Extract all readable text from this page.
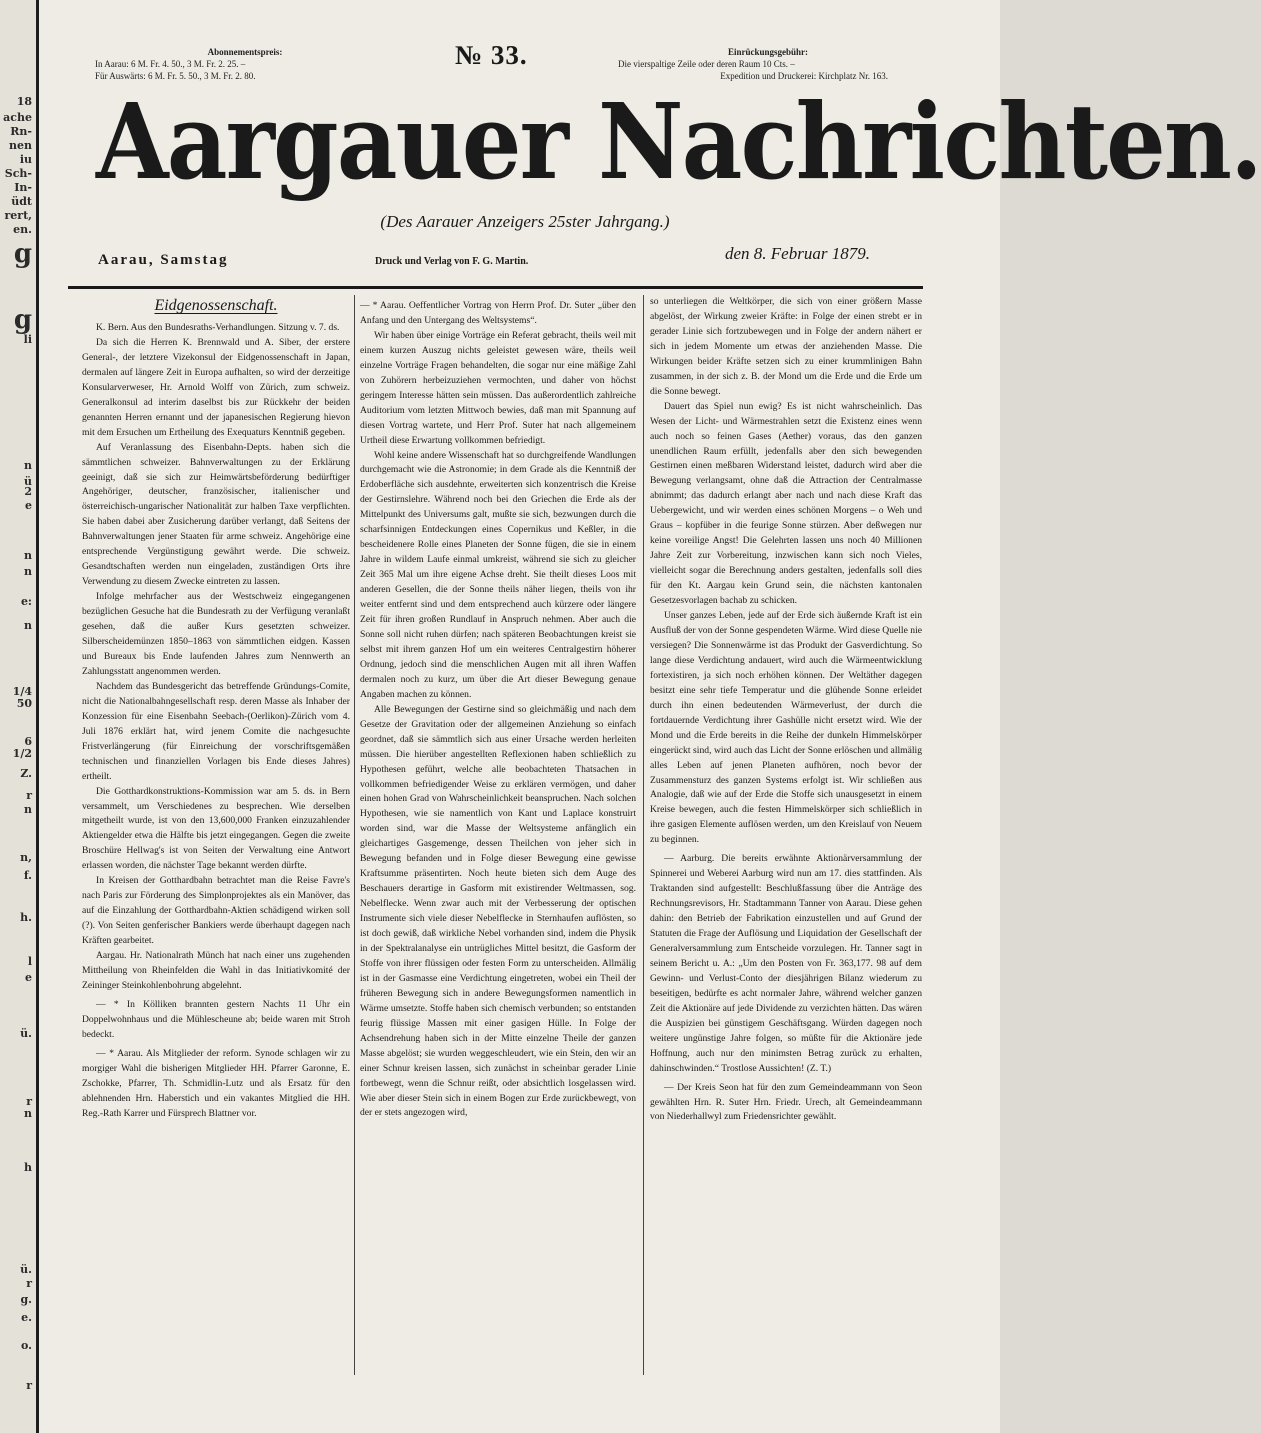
18
ache
Rn-
nen
iu
Sch-
In-
üdt
rert,
en.
g
g
li
n
ü
2
e
n
n
e:
n
1/4
50
6
1/2
Z.
r
n
n,
f.
h.
l
e
ü.
r
n
h
ü.
r
g.
e.
o.
r
Abonnementspreis:
In Aarau: 6 M. Fr. 4. 50., 3 M. Fr. 2. 25. –
Für Auswärts: 6 M. Fr. 5. 50., 3 M. Fr. 2. 80.
№ 33.	Einrückungsgebühr:
Die vierspaltige Zeile oder deren Raum 10 Cts. –
Expedition und Druckerei: Kirchplatz Nr. 163.
Aargauer Nachrichten.
(Des Aarauer Anzeigers 25ster Jahrgang.)
Aarau, Samstag	Druck und Verlag von F. G. Martin.	den 8. Februar 1879.
Eidgenossenschaft.

K. Bern. Aus den Bundesraths-Verhandlungen. Sitzung v. 7. ds.

Da sich die Herren K. Brennwald und A. Siber, der erstere General-, der letztere Vizekonsul der Eidgenossenschaft in Japan, dermalen auf längere Zeit in Europa aufhalten, so wird der derzeitige Konsularverweser, Hr. Arnold Wolff von Zürich, zum schweiz. Generalkonsul ad interim daselbst bis zur Rückkehr der beiden genannten Herren ernannt und der japanesischen Regierung hievon mit dem Ersuchen um Ertheilung des Exequaturs Kenntniß gegeben.

Auf Veranlassung des Eisenbahn-Depts. haben sich die sämmtlichen schweizer. Bahnverwaltungen zu der Erklärung geeinigt, daß sie sich zur Heimwärtsbeförderung bedürftiger Angehöriger, deutscher, französischer, italienischer und österreichisch-ungarischer Nationalität zur halben Taxe verpflichten. Sie haben dabei aber Zusicherung darüber verlangt, daß Seitens der Bahnverwaltungen jener Staaten für arme schweiz. Angehörige eine entsprechende Vergünstigung gewährt werde. Die schweiz. Gesandtschaften werden nun eingeladen, zuständigen Orts ihre Verwendung zu diesem Zwecke eintreten zu lassen.

Infolge mehrfacher aus der Westschweiz eingegangenen bezüglichen Gesuche hat die Bundesrath zu der Verfügung veranlaßt gesehen, daß die außer Kurs gesetzten schweizer. Silberscheidemünzen 1850–1863 von sämmtlichen eidgen. Kassen und Bureaux bis Ende laufenden Jahres zum Nennwerth an Zahlungsstatt angenommen werden.

Nachdem das Bundesgericht das betreffende Gründungs-Comite, nicht die Nationalbahngesellschaft resp. deren Masse als Inhaber der Konzession für eine Eisenbahn Seebach-(Oerlikon)-Zürich vom 4. Juli 1876 erklärt hat, wird jenem Comite die nachgesuchte Fristverlängerung (für Einreichung der vorschriftsgemäßen technischen und finanziellen Vorlagen bis Ende dieses Jahres) ertheilt.

Die Gotthardkonstruktions-Kommission war am 5. ds. in Bern versammelt, um Verschiedenes zu besprechen. Wie derselben mitgetheilt wurde, ist von den 13,600,000 Franken einzuzahlender Aktiengelder etwa die Hälfte bis jetzt eingegangen. Gegen die zweite Broschüre Hellwag's ist von Seiten der Verwaltung eine Antwort erlassen worden, die nächster Tage bekannt werden dürfte.

In Kreisen der Gotthardbahn betrachtet man die Reise Favre's nach Paris zur Förderung des Simplonprojektes als ein Manöver, das auf die Einzahlung der Gotthardbahn-Aktien schädigend wirken soll (?). Von Seiten genferischer Bankiers werde überhaupt dagegen nach Kräften gearbeitet.

Aargau. Hr. Nationalrath Münch hat nach einer uns zugehenden Mittheilung von Rheinfelden die Wahl in das Initiativkomité der Zeininger Steinkohlenbohrung abgelehnt.

— * In Kölliken brannten gestern Nachts 11 Uhr ein Doppelwohnhaus und die Mühlescheune ab; beide waren mit Stroh bedeckt.

— * Aarau. Als Mitglieder der reform. Synode schlagen wir zu morgiger Wahl die bisherigen Mitglieder HH. Pfarrer Garonne, E. Zschokke, Pfarrer, Th. Schmidlin-Lutz und als Ersatz für den ablehnenden Hrn. Haberstich und ein vakantes Mitglied die HH. Reg.-Rath Karrer und Fürsprech Blattner vor.

— * Aarau. Oeffentlicher Vortrag von Herrn Prof. Dr. Suter „über den Anfang und den Untergang des Weltsystems“.

Wir haben über einige Vorträge ein Referat gebracht, theils weil mit einem kurzen Auszug nichts geleistet gewesen wäre, theils weil einzelne Vorträge Fragen behandelten, die sogar nur eine mäßige Zahl von Zuhörern herbeizuziehen vermochten, und daher von höchst geringem Interesse hätten sein müssen. Das außerordentlich zahlreiche Auditorium vom letzten Mittwoch bewies, daß man mit Spannung auf diesen Vortrag wartete, und Herr Prof. Suter hat nach allgemeinem Urtheil diese Erwartung vollkommen befriedigt.

Wohl keine andere Wissenschaft hat so durchgreifende Wandlungen durchgemacht wie die Astronomie; in dem Grade als die Kenntniß der Erdoberfläche sich ausdehnte, erweiterten sich konzentrisch die Kreise der Gestirnslehre. Während noch bei den Griechen die Erde als der Mittelpunkt des Universums galt, mußte sie sich, bezwungen durch die scharfsinnigen Entdeckungen eines Copernikus und Keßler, in die bescheidenere Rolle eines Planeten der Sonne fügen, die sie in einem Jahre in wildem Laufe einmal umkreist, während sie sich zu gleicher Zeit 365 Mal um ihre eigene Achse dreht. Sie theilt dieses Loos mit anderen Gesellen, die der Sonne theils näher liegen, theils von ihr weiter entfernt sind und dem entsprechend auch kürzere oder längere Zeit für ihren großen Rundlauf in Anspruch nehmen. Aber auch die Sonne soll nicht ruhen dürfen; nach späteren Beobachtungen kreist sie selbst mit ihrem ganzen Hof um ein weiteres Centralgestirn höherer Ordnung, jedoch sind die menschlichen Augen mit all ihren Waffen dermalen noch zu kurz, um über die Art dieser Bewegung genaue Angaben machen zu können.

Alle Bewegungen der Gestirne sind so gleichmäßig und nach dem Gesetze der Gravitation oder der allgemeinen Anziehung so einfach geordnet, daß sie sämmtlich sich aus einer Ursache werden herleiten müssen. Die hierüber angestellten Reflexionen haben schließlich zu Hypothesen geführt, welche alle beobachteten Thatsachen in vollkommen befriedigender Weise zu erklären vermögen, und daher einen hohen Grad von Wahrscheinlichkeit beanspruchen. Nach solchen Hypothesen, wie sie namentlich von Kant und Laplace konstruirt worden sind, war die Masse der Weltsysteme anfänglich ein gleichartiges Gasgemenge, dessen Theilchen von jeher sich in Bewegung befanden und in Folge dieser Bewegung eine gewisse Kraftsumme präsentirten. Noch heute bieten sich dem Auge des Beschauers derartige in Gasform mit existirender Weltmassen, sog. Nebelflecke. Wenn zwar auch mit der Verbesserung der optischen Instrumente sich viele dieser Nebelflecke in Sternhaufen auflösten, so ist doch gewiß, daß wirkliche Nebel vorhanden sind, indem die Physik in der Spektralanalyse ein untrügliches Mittel besitzt, die Gasform der Stoffe von ihrer flüssigen oder festen Form zu unterscheiden. Allmälig ist in der Gasmasse eine Verdichtung eingetreten, wobei ein Theil der früheren Bewegung sich in andere Bewegungsformen namentlich in Wärme umsetzte. Stoffe haben sich chemisch verbunden; so entstanden feurig flüssige Massen mit einer gasigen Hülle. In Folge der Achsendrehung haben sich in der Mitte einzelne Theile der ganzen Masse abgelöst; sie wurden weggeschleudert, wie ein Stein, den wir an einer Schnur kreisen lassen, sich zunächst in scheinbar gerader Linie fortbewegt, wenn die Schnur reißt, oder absichtlich losgelassen wird. Wie aber dieser Stein sich in einem Bogen zur Erde zurückbewegt, von der er stets angezogen wird,

so unterliegen die Weltkörper, die sich von einer größern Masse abgelöst, der Wirkung zweier Kräfte: in Folge der einen strebt er in gerader Linie sich fortzubewegen und in Folge der andern nähert er sich in jedem Momente um etwas der anziehenden Masse. Die Wirkungen beider Kräfte setzen sich zu einer krummlinigen Bahn zusammen, in der sich z. B. der Mond um die Erde und die Erde um die Sonne bewegt.

Dauert das Spiel nun ewig? Es ist nicht wahrscheinlich. Das Wesen der Licht- und Wärmestrahlen setzt die Existenz eines wenn auch noch so feinen Gases (Aether) voraus, das den ganzen unendlichen Raum erfüllt, jedenfalls aber den sich bewegenden Gestirnen einen meßbaren Widerstand leistet, dadurch wird aber die Bewegung verlangsamt, ohne daß die Attraction der Centralmasse abnimmt; das dadurch erlangt aber nach und nach diese Kraft das Uebergewicht, und wir werden eines schönen Morgens – o Weh und Graus – kopfüber in die feurige Sonne stürzen. Aber deßwegen nur keine voreilige Angst! Die Gelehrten lassen uns noch 40 Millionen Jahre Zeit zur Vorbereitung, inzwischen kann sich noch Vieles, vielleicht sogar die Berechnung anders gestalten, jedenfalls soll dies für den Kt. Aargau kein Grund sein, die nächsten kantonalen Gesetzesvorlagen bachab zu schicken.

Unser ganzes Leben, jede auf der Erde sich äußernde Kraft ist ein Ausfluß der von der Sonne gespendeten Wärme. Wird diese Quelle nie versiegen? Die Sonnenwärme ist das Produkt der Gasverdichtung. So lange diese Verdichtung andauert, wird auch die Wärmeentwicklung fortexistiren, ja sich noch erhöhen können. Der Weltäther dagegen besitzt eine sehr tiefe Temperatur und die glühende Sonne erleidet durch ihn einen bedeutenden Wärmeverlust, der durch die fortdauernde Verdichtung ihrer Gashülle nicht ersetzt wird. Wie der Mond und die Erde bereits in die Reihe der dunkeln Himmelskörper eingerückt sind, wird auch das Licht der Sonne erlöschen und allmälig alles Leben auf jenen Planeten aufhören, noch bevor der Zusammensturz des ganzen Systems erfolgt ist. Wir schließen aus Analogie, daß wie auf der Erde die Stoffe sich unausgesetzt in einem Kreise bewegen, auch die festen Himmelskörper sich schließlich in ihre gasigen Elemente auflösen werden, um den Kreislauf von Neuem zu beginnen.

— Aarburg. Die bereits erwähnte Aktionärversammlung der Spinnerei und Weberei Aarburg wird nun am 17. dies stattfinden. Als Traktanden sind aufgestellt: Beschlußfassung über die Anträge des Rechnungsrevisors, Hr. Stadtammann Tanner von Aarau. Diese gehen dahin: den Betrieb der Fabrikation einzustellen und auf Grund der Statuten die Frage der Auflösung und Liquidation der Gesellschaft der Generalversammlung zum Entscheide vorzulegen. Hr. Tanner sagt in seinem Bericht u. A.: „Um den Posten von Fr. 363,177. 98 auf dem Gewinn- und Verlust-Conto der diesjährigen Bilanz wiederum zu beseitigen, bedürfte es acht normaler Jahre, während welcher ganzen Zeit die Aktionäre auf jede Dividende zu verzichten hätten. Das wären die Auspizien bei günstigem Geschäftsgang. Würden dagegen noch weitere ungünstige Jahre folgen, so müßte für die Aktionäre jede Hoffnung, auch nur den minimsten Betrag zurück zu erhalten, dahinschwinden.“ Trostlose Aussichten! (Z. T.)

— Der Kreis Seon hat für den zum Gemeindeammann von Seon gewählten Hrn. R. Suter Hrn. Friedr. Urech, alt Gemeindeammann von Niederhallwyl zum Friedensrichter gewählt.
